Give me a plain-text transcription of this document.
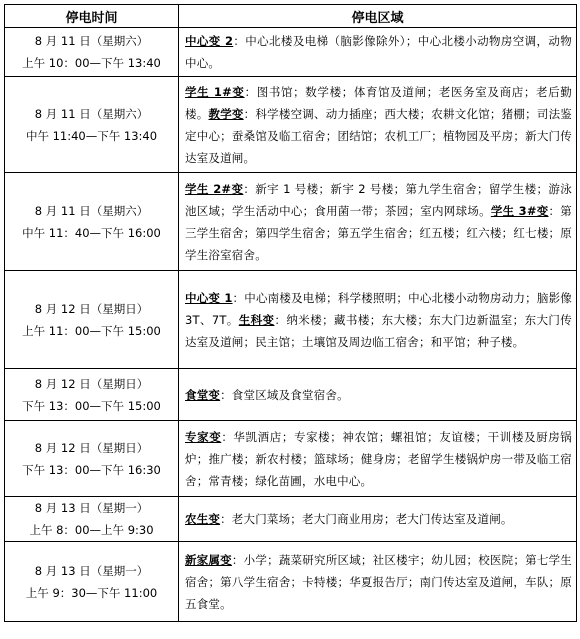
停电时间	停电区域

8 月 11 日（星期六）
上午 10：00—下午 13:40	中心变 2：中心北楼及电梯（脑影像除外）；中心北楼小动物房空调，动物中心。

8 月 11 日（星期六）
中午 11:40—下午 13:40	学生 1#变：图书馆；数学楼；体育馆及道闸；老医务室及商店；老后勤楼。教学变：科学楼空调、动力插座；西大楼；农耕文化馆；猪棚；司法鉴定中心；蚕桑馆及临工宿舍；团结馆；农机工厂；植物园及平房；新大门传达室及道闸。

8 月 11 日（星期六）
中午 11：40—下午 16:00	学生 2#变：新宇 1 号楼；新宇 2 号楼；第九学生宿舍；留学生楼；游泳池区域；学生活动中心；食用菌一带；茶园；室内网球场。学生 3#变：第三学生宿舍；第四学生宿舍；第五学生宿舍；红五楼；红六楼；红七楼；原学生浴室宿舍。

8 月 12 日（星期日）
上午 11：00—下午 15:00	中心变 1：中心南楼及电梯；科学楼照明；中心北楼小动物房动力；脑影像 3T、7T。生科变：纳米楼；藏书楼；东大楼；东大门边新温室；东大门传达室及道闸；民主馆；土壤馆及周边临工宿舍；和平馆；种子楼。

8 月 12 日（星期日）
下午 13：00—下午 15:00	食堂变：食堂区域及食堂宿舍。

8 月 12 日（星期日）
下午 13：00—下午 16:30	专家变：华凯酒店；专家楼；神农馆；螺祖馆；友谊楼；干训楼及厨房锅炉；推广楼；新农村楼；篮球场；健身房；老留学生楼锅炉房一带及临工宿舍；常青楼；绿化苗圃，水电中心。

8 月 13 日（星期一）
上午 8：00—上午 9:30	农生变：老大门菜场；老大门商业用房；老大门传达室及道闸。

8 月 13 日（星期一）
上午 9：30—下午 11:00	新家属变：小学；蔬菜研究所区域；社区楼宇；幼儿园；校医院；第七学生宿舍；第八学生宿舍；卡特楼；华夏报告厅；南门传达室及道闸，车队；原五食堂。
